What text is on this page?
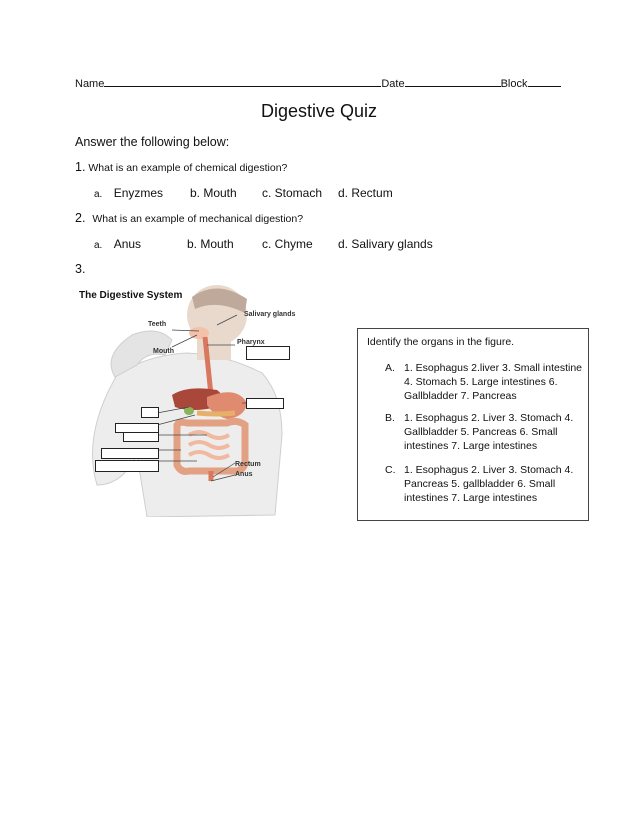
Name	Date	Block
Digestive Quiz
Answer the following below:
1. What is an example of chemical digestion?
a. Enyzmes b. Mouth c. Stomach d. Rectum
2. What is an example of mechanical digestion?
a. Anus	b. Mouth c. Chyme d. Salivary glands
3.
Teeth
Mouth
Salivary glands
Pharynx
Rectum
Anus
The Digestive System
Identify the organs in the figure.
A. 1. Esophagus 2.liver 3. Small intestine 4. Stomach 5. Large intestines 6. Gallbladder 7. Pancreas
B. 1. Esophagus 2. Liver 3. Stomach 4. Gallbladder 5. Pancreas 6. Small intestines 7. Large intestines
C. 1. Esophagus 2. Liver 3. Stomach 4. Pancreas 5. gallbladder 6. Small intestines 7. Large intestines
